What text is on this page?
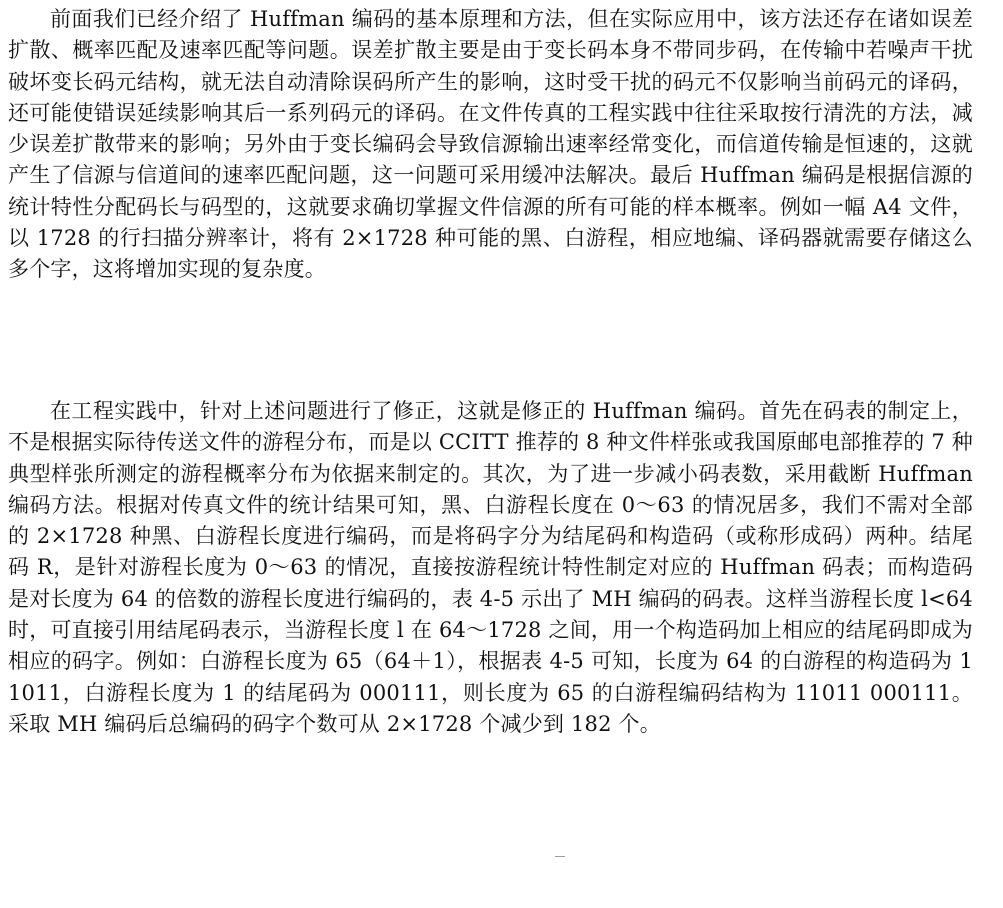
前面我们已经介绍了 Huffman 编码的基本原理和方法，但在实际应用中，该方法还存在诸如误差扩散、概率匹配及速率匹配等问题。误差扩散主要是由于变长码本身不带同步码，在传输中若噪声干扰破坏变长码元结构，就无法自动清除误码所产生的影响，这时受干扰的码元不仅影响当前码元的译码，还可能使错误延续影响其后一系列码元的译码。在文件传真的工程实践中往往采取按行清洗的方法，减少误差扩散带来的影响；另外由于变长编码会导致信源输出速率经常变化，而信道传输是恒速的，这就产生了信源与信道间的速率匹配问题，这一问题可采用缓冲法解决。最后 Huffman 编码是根据信源的统计特性分配码长与码型的，这就要求确切掌握文件信源的所有可能的样本概率。例如一幅 A4 文件，以 1728 的行扫描分辨率计，将有 2×1728 种可能的黑、白游程，相应地编、译码器就需要存储这么多个字，这将增加实现的复杂度。

在工程实践中，针对上述问题进行了修正，这就是修正的 Huffman 编码。首先在码表的制定上，不是根据实际待传送文件的游程分布，而是以 CCITT 推荐的 8 种文件样张或我国原邮电部推荐的 7 种典型样张所测定的游程概率分布为依据来制定的。其次，为了进一步减小码表数，采用截断 Huffman 编码方法。根据对传真文件的统计结果可知，黑、白游程长度在 0～63 的情况居多，我们不需对全部的 2×1728 种黑、白游程长度进行编码，而是将码字分为结尾码和构造码（或称形成码）两种。结尾码 R，是针对游程长度为 0～63 的情况，直接按游程统计特性制定对应的 Huffman 码表；而构造码是对长度为 64 的倍数的游程长度进行编码的，表 4-5 示出了 MH 编码的码表。这样当游程长度 l<64 时，可直接引用结尾码表示，当游程长度 l 在 64～1728 之间，用一个构造码加上相应的结尾码即成为相应的码字。例如：白游程长度为 65（64＋1），根据表 4-5 可知，长度为 64 的白游程的构造码为 11011，白游程长度为 1 的结尾码为 000111，则长度为 65 的白游程编码结构为 11011 000111。采取 MH 编码后总编码的码字个数可从 2×1728 个减少到 182 个。
